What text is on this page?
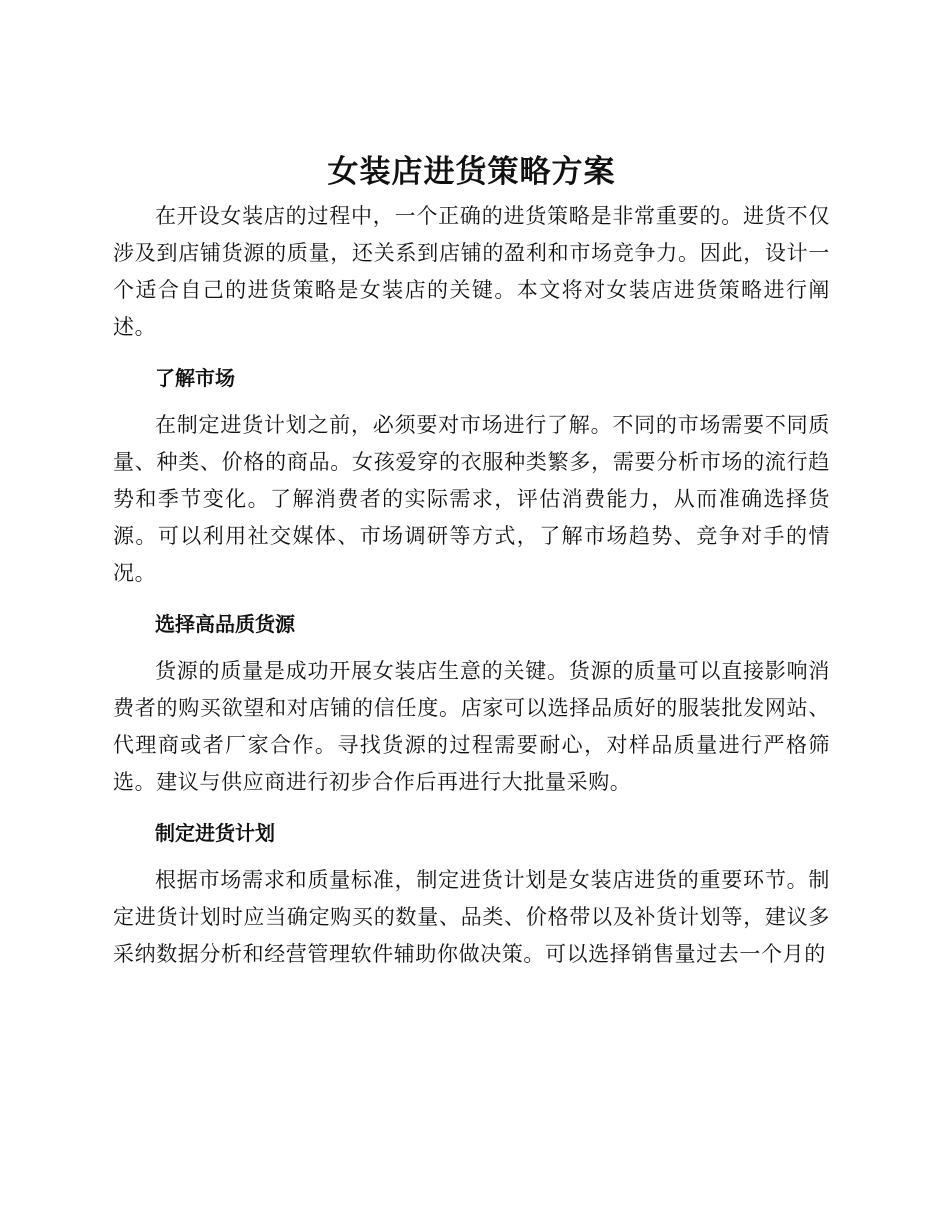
女装店进货策略方案

在开设女装店的过程中，一个正确的进货策略是非常重要的。进货不仅涉及到店铺货源的质量，还关系到店铺的盈利和市场竞争力。因此，设计一个适合自己的进货策略是女装店的关键。本文将对女装店进货策略进行阐述。

了解市场

在制定进货计划之前，必须要对市场进行了解。不同的市场需要不同质量、种类、价格的商品。女孩爱穿的衣服种类繁多，需要分析市场的流行趋势和季节变化。了解消费者的实际需求，评估消费能力，从而准确选择货源。可以利用社交媒体、市场调研等方式，了解市场趋势、竞争对手的情况。

选择高品质货源

货源的质量是成功开展女装店生意的关键。货源的质量可以直接影响消费者的购买欲望和对店铺的信任度。店家可以选择品质好的服装批发网站、代理商或者厂家合作。寻找货源的过程需要耐心，对样品质量进行严格筛选。建议与供应商进行初步合作后再进行大批量采购。

制定进货计划

根据市场需求和质量标准，制定进货计划是女装店进货的重要环节。制定进货计划时应当确定购买的数量、品类、价格带以及补货计划等，建议多采纳数据分析和经营管理软件辅助你做决策。可以选择销售量过去一个月的
